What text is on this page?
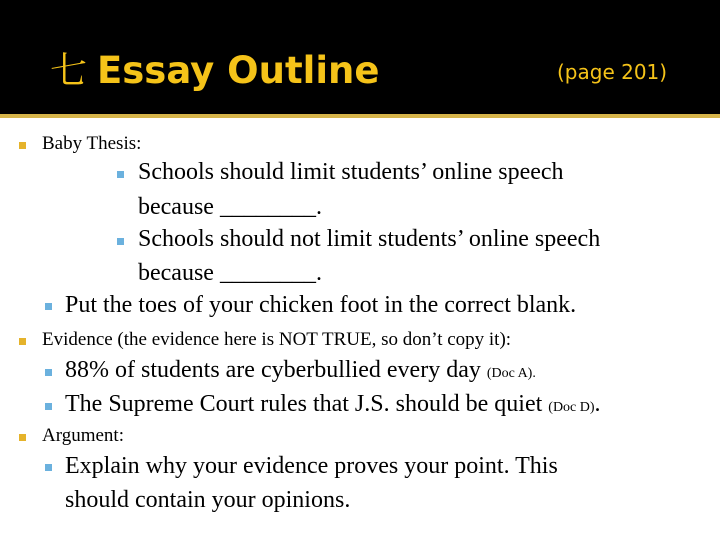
七 Essay Outline	(page 201)
Baby Thesis:
Schools should limit students’ online speech
because ________.
Schools should not limit students’ online speech
because ________.
Put the toes of your chicken foot in the correct blank.
Evidence (the evidence here is NOT TRUE, so don’t copy it):
88% of students are cyberbullied every day (Doc A).
The Supreme Court rules that J.S. should be quiet (Doc D).
Argument:
Explain why your evidence proves your point. This
should contain your opinions.
